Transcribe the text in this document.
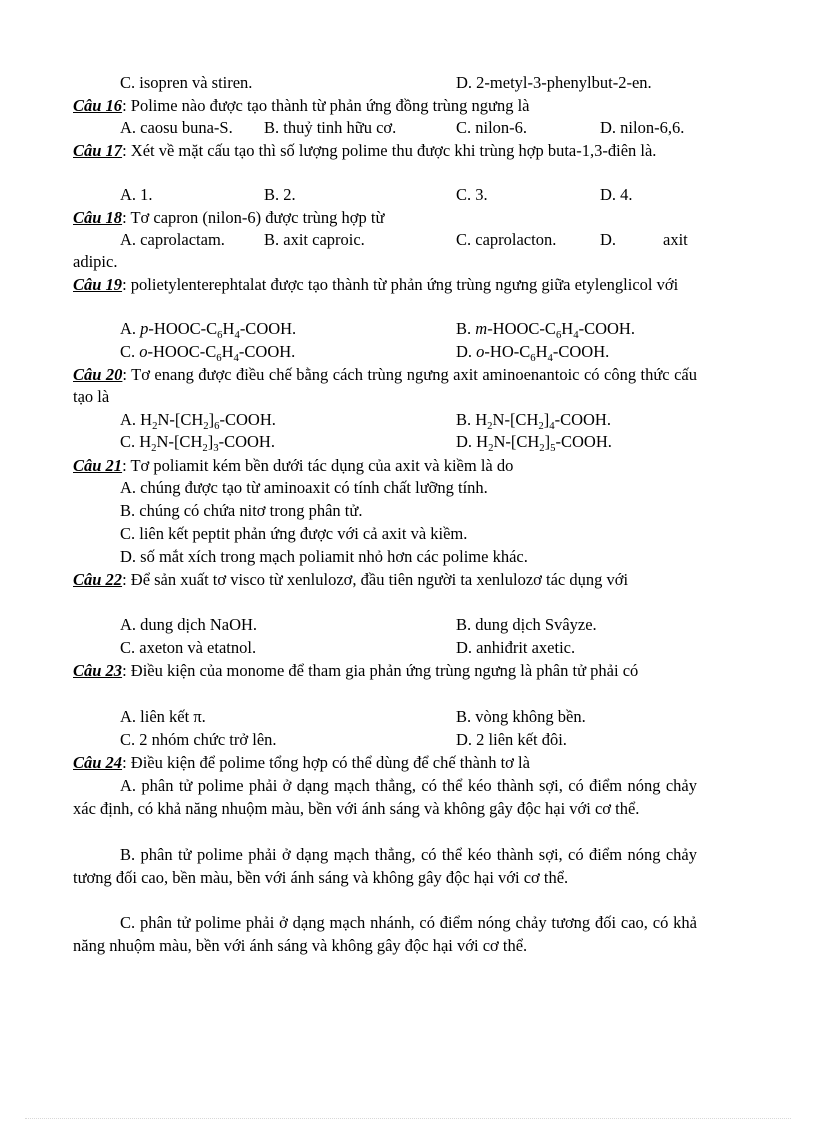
C. isopren và stiren.	D. 2-metyl-3-phenylbut-2-en.
Câu 16: Polime nào được tạo thành từ phản ứng đồng trùng ngưng là
A. caosu buna-S. B. thuỷ tinh hữu cơ.	C. nilon-6.	D. nilon-6,6.
Câu 17: Xét về mặt cấu tạo thì số lượng polime thu được khi trùng hợp buta-1,3-điên là.
A. 1.	B. 2.	C. 3.	D. 4.
Câu 18: Tơ capron (nilon-6) được trùng hợp từ
A. caprolactam. B. axit caproic.	C. caprolacton.	D.	axit
adipic.
Câu 19: polietylenterephtalat được tạo thành từ phản ứng trùng ngưng giữa etylenglicol với
A. $p-HOOC-C_6H_4$-COOH.	B. $m-HOOC-C_6H_4$-COOH.
C. $o-HOOC-C_6H_4$-COOH.	D. $o-HO-C_6H_4$-COOH.
Câu 20: Tơ enang được điều chế bằng cách trùng ngưng axit aminoenantoic có công thức cấu tạo là
A. $H_2N-[CH_2]_6$-COOH.	B. $H_2N-[CH_2]_4$-COOH.
C. $H_2N-[CH_2]_3$-COOH.	D. $H_2N-[CH_2]_5$-COOH.
Câu 21: Tơ poliamit kém bền dưới tác dụng của axit và kiềm là do
A. chúng được tạo từ aminoaxit có tính chất lưỡng tính.
B. chúng có chứa nitơ trong phân tử.
C. liên kết peptit phản ứng được với cả axit và kiềm.
D. số mắt xích trong mạch poliamit nhỏ hơn các polime khác.
Câu 22: Để sản xuất tơ visco từ xenlulozơ, đầu tiên người ta xenlulozơ tác dụng với
A. dung dịch NaOH.	B. dung dịch Svâyze.
C. axeton và etatnol.	D. anhiđrit axetic.
Câu 23: Điều kiện của monome để tham gia phản ứng trùng ngưng là phân tử phải có
A. liên kết π.	B. vòng không bền.
C. 2 nhóm chức trở lên.	D. 2 liên kết đôi.
Câu 24: Điều kiện để polime tổng hợp có thể dùng để chế thành tơ là
A. phân tử polime phải ở dạng mạch thẳng, có thể kéo thành sợi, có điểm nóng chảy xác định, có khả năng nhuộm màu, bền với ánh sáng và không gây độc hại với cơ thể.
B. phân tử polime phải ở dạng mạch thẳng, có thể kéo thành sợi, có điểm nóng chảy tương đối cao, bền màu, bền với ánh sáng và không gây độc hại với cơ thể.
C. phân tử polime phải ở dạng mạch nhánh, có điểm nóng chảy tương đối cao, có khả năng nhuộm màu, bền với ánh sáng và không gây độc hại với cơ thể.
